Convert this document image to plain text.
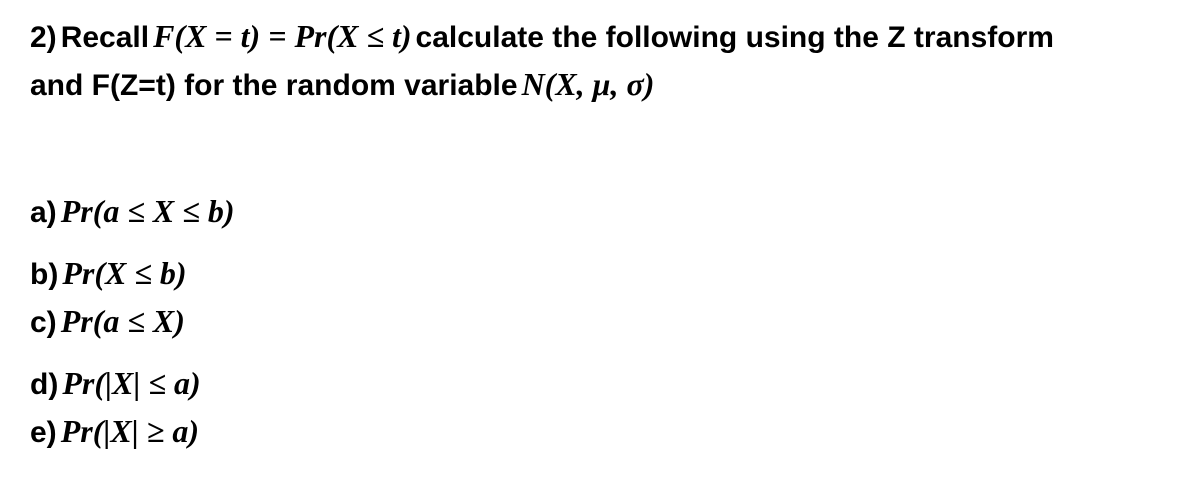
2) Recall F(X = t) = Pr(X ≤ t) calculate the following using the Z transform
and F(Z=t) for the random variable N(X, μ, σ)
a) Pr(a ≤ X ≤ b)
b) Pr(X ≤ b)
c) Pr(a ≤ X)
d) Pr(|X| ≤ a)
e) Pr(|X| ≥ a)
